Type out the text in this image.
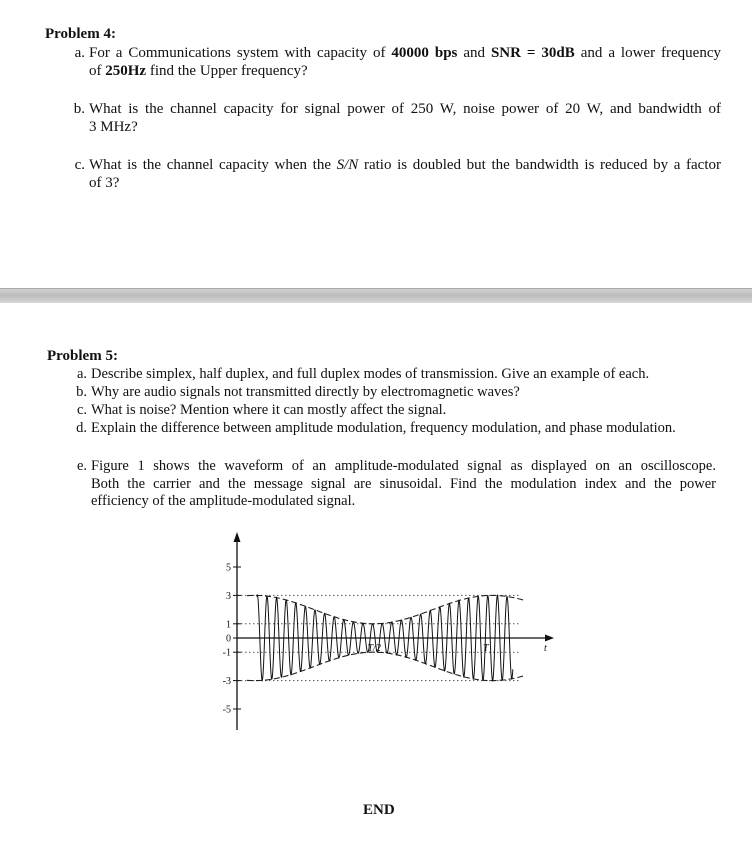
Problem 4:
a. For a Communications system with capacity of 40000 bps and SNR = 30dB and a lower frequency
of 250Hz find the Upper frequency?
b. What is the channel capacity for signal power of 250 W, noise power of 20 W, and bandwidth of
3 MHz?
c. What is the channel capacity when the S/N ratio is doubled but the bandwidth is reduced by a factor
of 3?
Problem 5:
a. Describe simplex, half duplex, and full duplex modes of transmission. Give an example of each.
b. Why are audio signals not transmitted directly by electromagnetic waves?
c. What is noise? Mention where it can mostly affect the signal.
d. Explain the difference between amplitude modulation, frequency modulation, and phase modulation.
e. Figure 1 shows the waveform of an amplitude-modulated signal as displayed on an oscilloscope.
Both the carrier and the message signal are sinusoidal. Find the modulation index and the power
efficiency of the amplitude-modulated signal.
5
3
1
0
-1
-3
-5
T/2	T	t
END
